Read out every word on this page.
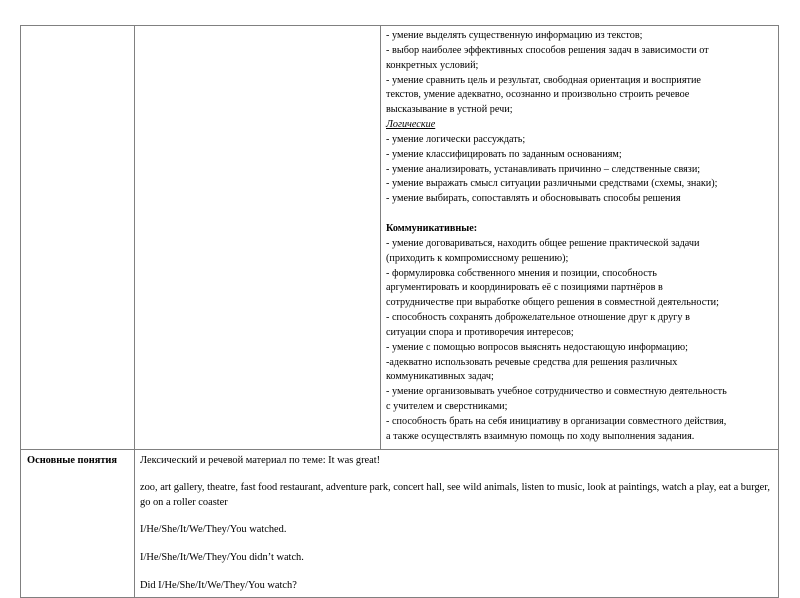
- умение выделять существенную информацию из текстов;
- выбор наиболее эффективных способов решения задач в зависимости от
конкретных условий;
- умение сравнить цель и результат, свободная ориентация и восприятие
текстов, умение адекватно, осознанно и произвольно строить речевое
высказывание в устной речи;
Логические
- умение логически рассуждать;
- умение классифицировать по заданным основаниям;
- умение анализировать, устанавливать причинно – следственные связи;
- умение выражать смысл ситуации различными средствами (схемы, знаки);
- умение выбирать, сопоставлять и обосновывать способы решения

Коммуникативные:
- умение договариваться, находить общее решение практической задачи
(приходить к компромиссному решению);
- формулировка собственного мнения и позиции, способность
аргументировать и координировать её с позициями партнёров в
сотрудничестве при выработке общего решения в совместной деятельности;
- способность сохранять доброжелательное отношение друг к другу в
ситуации спора и противоречия интересов;
- умение с помощью вопросов выяснять недостающую информацию;
-адекватно использовать речевые средства для решения различных
коммуникативных задач;
- умение организовывать учебное сотрудничество и совместную деятельность
с учителем и сверстниками;
- способность брать на себя инициативу в организации совместного действия,
а также осуществлять взаимную помощь по ходу выполнения задания.

Основные понятия	Лексический и речевой материал по теме: It was great!

zoo, art gallery, theatre, fast food restaurant, adventure park, concert hall, see wild animals, listen to music, look at paintings, watch a play, eat a burger, go on a roller coaster

I/He/She/It/We/They/You watched.

I/He/She/It/We/They/You didn’t watch.

Did I/He/She/It/We/They/You watch?	
